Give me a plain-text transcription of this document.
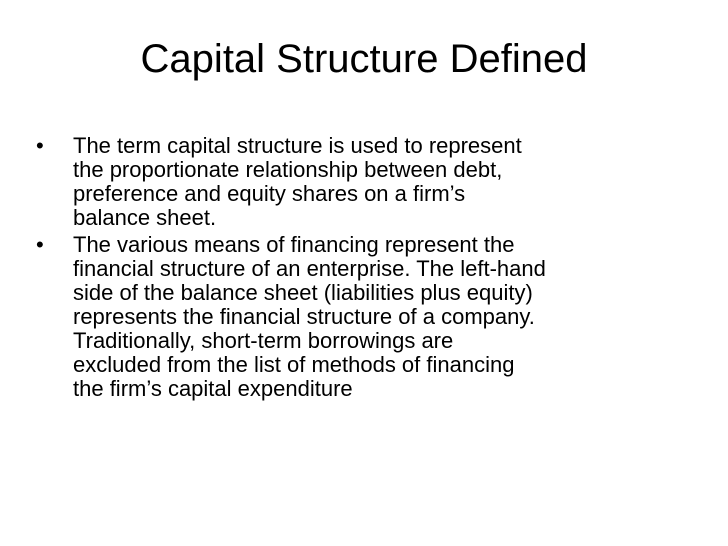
Capital Structure Defined
• The term capital structure is used to represent
the proportionate relationship between debt,
preference and equity shares on a firm’s
balance sheet.
• The various means of financing represent the
financial structure of an enterprise. The left-hand
side of the balance sheet (liabilities plus equity)
represents the financial structure of a company.
Traditionally, short-term borrowings are
excluded from the list of methods of financing
the firm’s capital expenditure
